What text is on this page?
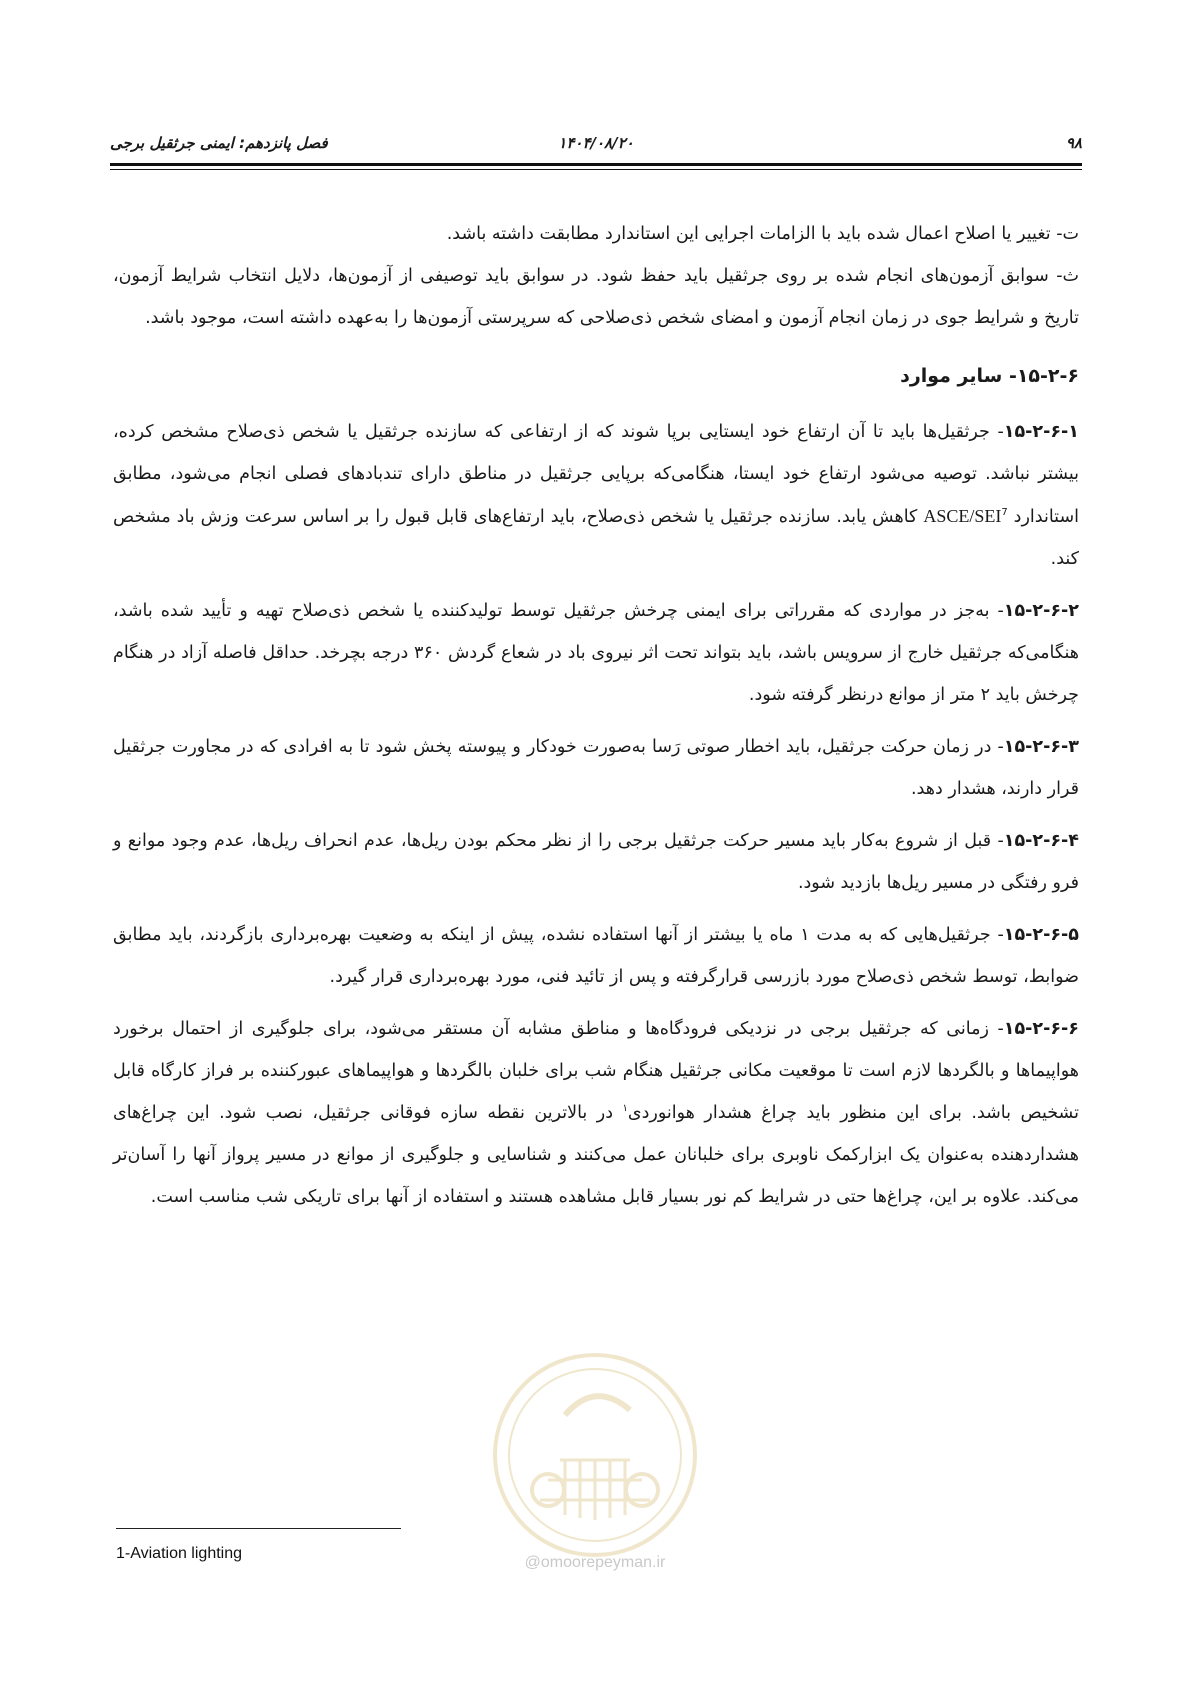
۹۸
۱۴۰۴/۰۸/۲۰
فصل پانزدهم: ایمنی جرثقیل برجی

ت- تغییر یا اصلاح اعمال شده باید با الزامات اجرایی این استاندارد مطابقت داشته باشد.

ث- سوابق آزمون‌های انجام شده بر روی جرثقیل باید حفظ شود. در سوابق باید توصیفی از آزمون‌ها، دلایل انتخاب شرایط آزمون، تاریخ و شرایط جوی در زمان انجام آزمون و امضای شخص ذی‌صلاحی که سرپرستی آزمون‌ها را به‌عهده داشته است، موجود باشد.

۱۵-۲-۶- سایر موارد

۱۵-۲-۶-۱- جرثقیل‌ها باید تا آن ارتفاع خود ایستایی برپا شوند که از ارتفاعی که سازنده جرثقیل یا شخص ذی‌صلاح مشخص کرده، بیشتر نباشد. توصیه می‌شود ارتفاع خود ایستا، هنگامی‌که برپایی جرثقیل در مناطق دارای تندبادهای فصلی انجام می‌شود، مطابق استاندارد ASCE/SEI$^7$ کاهش یابد. سازنده جرثقیل یا شخص ذی‌صلاح، باید ارتفاع‌های قابل قبول را بر اساس سرعت وزش باد مشخص کند.

۱۵-۲-۶-۲- به‌جز در مواردی که مقرراتی برای ایمنی چرخش جرثقیل توسط تولیدکننده یا شخص ذی‌صلاح تهیه و تأیید شده باشد، هنگامی‌که جرثقیل خارج از سرویس باشد، باید بتواند تحت اثر نیروی باد در شعاع گردش ۳۶۰ درجه بچرخد. حداقل فاصله آزاد در هنگام چرخش باید ۲ متر از موانع درنظر گرفته شود.

۱۵-۲-۶-۳- در زمان حرکت جرثقیل، باید اخطار صوتی رَسا به‌صورت خودکار و پیوسته پخش شود تا به افرادی که در مجاورت جرثقیل قرار دارند، هشدار دهد.

۱۵-۲-۶-۴- قبل از شروع به‌کار باید مسیر حرکت جرثقیل برجی را از نظر محکم بودن ریل‌ها، عدم انحراف ریل‌ها، عدم وجود موانع و فرو رفتگی در مسیر ریل‌ها بازدید شود.

۱۵-۲-۶-۵- جرثقیل‌هایی که به مدت ۱ ماه یا بیشتر از آنها استفاده نشده، پیش از اینکه به وضعیت بهره‌برداری بازگردند، باید مطابق ضوابط، توسط شخص ذی‌صلاح مورد بازرسی قرارگرفته و پس از تائید فنی، مورد بهره‌برداری قرار گیرد.

۱۵-۲-۶-۶- زمانی که جرثقیل برجی در نزدیکی فرودگاه‌ها و مناطق مشابه آن مستقر می‌شود، برای جلوگیری از احتمال برخورد هواپیماها و بالگردها لازم است تا موقعیت مکانی جرثقیل هنگام شب برای خلبان بالگردها و هواپیماهای عبورکننده بر فراز کارگاه قابل تشخیص باشد. برای این منظور باید چراغ هشدار هوانوردی$^۱$ در بالاترین نقطه سازه فوقانی جرثقیل، نصب شود. این چراغ‌های هشداردهنده به‌عنوان یک ابزارکمک ناوبری برای خلبانان عمل می‌کنند و شناسایی و جلوگیری از موانع در مسیر پرواز آنها را آسان‌تر می‌کند. علاوه بر این، چراغ‌ها حتی در شرایط کم نور بسیار قابل مشاهده هستند و استفاده از آنها برای تاریکی شب مناسب است.

@omoorepeyman.ir
1-Aviation lighting
